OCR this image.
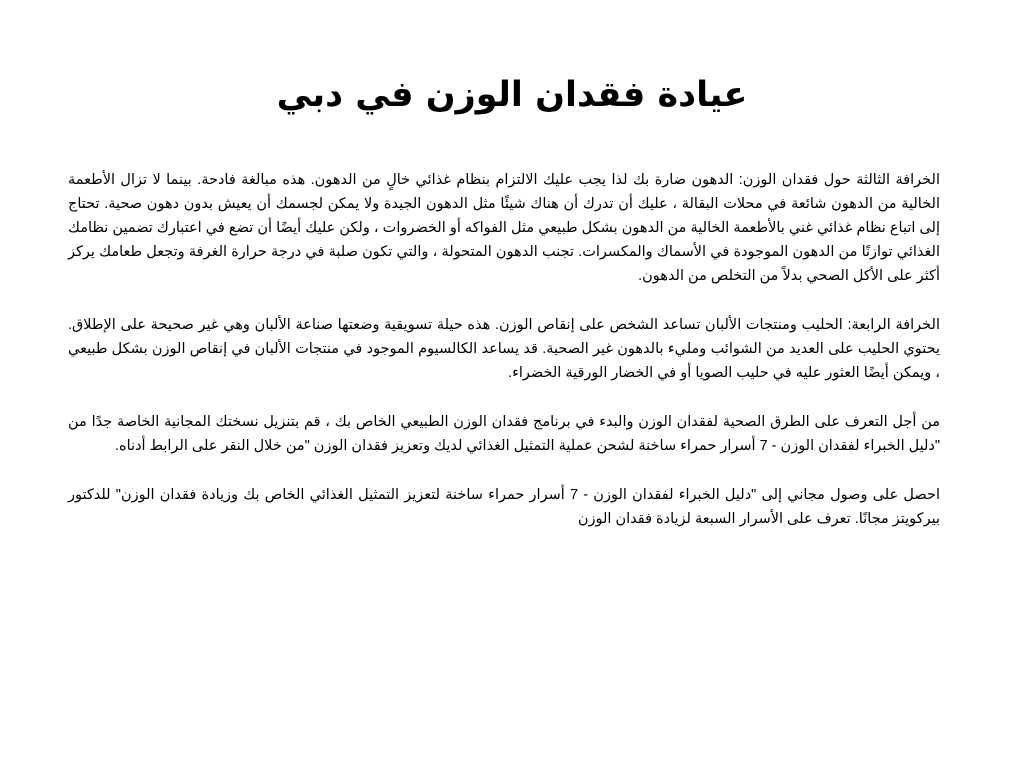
عيادة فقدان الوزن في دبي

الخرافة الثالثة حول فقدان الوزن: الدهون ضارة بك لذا يجب عليك الالتزام بنظام غذائي خالٍ من الدهون. هذه مبالغة فادحة. بينما لا تزال الأطعمة الخالية من الدهون شائعة في محلات البقالة ، عليك أن تدرك أن هناك شيئًا مثل الدهون الجيدة ولا يمكن لجسمك أن يعيش بدون دهون صحية. تحتاج إلى اتباع نظام غذائي غني بالأطعمة الخالية من الدهون بشكل طبيعي مثل الفواكه أو الخضروات ، ولكن عليك أيضًا أن تضع في اعتبارك تضمين نظامك الغذائي توازنًا من الدهون الموجودة في الأسماك والمكسرات. تجنب الدهون المتحولة ، والتي تكون صلبة في درجة حرارة الغرفة وتجعل طعامك يركز أكثر على الأكل الصحي بدلاً من التخلص من الدهون.

الخرافة الرابعة: الحليب ومنتجات الألبان تساعد الشخص على إنقاص الوزن. هذه حيلة تسويقية وضعتها صناعة الألبان وهي غير صحيحة على الإطلاق. يحتوي الحليب على العديد من الشوائب ومليء بالدهون غير الصحية. قد يساعد الكالسيوم الموجود في منتجات الألبان في إنقاص الوزن بشكل طبيعي ، ويمكن أيضًا العثور عليه في حليب الصويا أو في الخضار الورقية الخضراء.

من أجل التعرف على الطرق الصحية لفقدان الوزن والبدء في برنامج فقدان الوزن الطبيعي الخاص بك ، قم بتنزيل نسختك المجانية الخاصة جدًا من "دليل الخبراء لفقدان الوزن - 7 أسرار حمراء ساخنة لشحن عملية التمثيل الغذائي لديك وتعزيز فقدان الوزن "من خلال النقر على الرابط أدناه.

احصل على وصول مجاني إلى "دليل الخبراء لفقدان الوزن - 7 أسرار حمراء ساخنة لتعزيز التمثيل الغذائي الخاص بك وزيادة فقدان الوزن" للدكتور بيركويتز مجانًا. تعرف على الأسرار السبعة لزيادة فقدان الوزن
